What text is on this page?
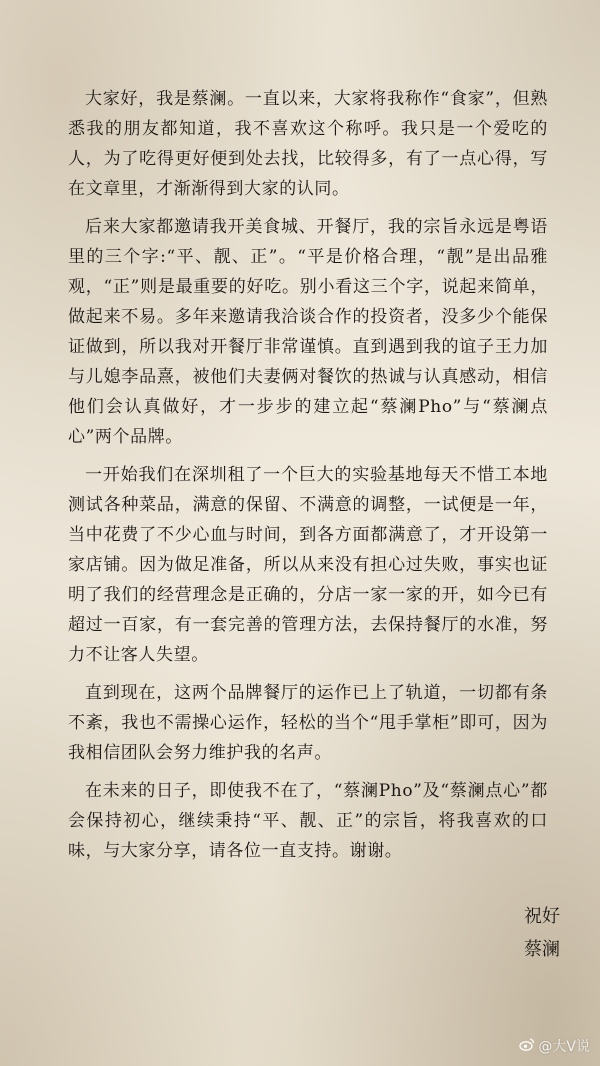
大家好，我是蔡澜。一直以来，大家将我称作“食家”，但熟悉我的朋友都知道，我不喜欢这个称呼。我只是一个爱吃的人，为了吃得更好便到处去找，比较得多，有了一点心得，写在文章里，才渐渐得到大家的认同。

后来大家都邀请我开美食城、开餐厅，我的宗旨永远是粤语里的三个字:“平、靓、正”。“平是价格合理，“靓”是出品雅观，“正”则是最重要的好吃。别小看这三个字，说起来简单，做起来不易。多年来邀请我洽谈合作的投资者，没多少个能保证做到，所以我对开餐厅非常谨慎。直到遇到我的谊子王力加与儿媳李品熹，被他们夫妻俩对餐饮的热诚与认真感动，相信他们会认真做好，才一步步的建立起“蔡澜Pho”与“蔡澜点心”两个品牌。

一开始我们在深圳租了一个巨大的实验基地每天不惜工本地测试各种菜品，满意的保留、不满意的调整，一试便是一年，当中花费了不少心血与时间，到各方面都满意了，才开设第一家店铺。因为做足准备，所以从来没有担心过失败，事实也证明了我们的经营理念是正确的，分店一家一家的开，如今已有超过一百家，有一套完善的管理方法，去保持餐厅的水准，努力不让客人失望。

直到现在，这两个品牌餐厅的运作已上了轨道，一切都有条不紊，我也不需操心运作，轻松的当个“甩手掌柜”即可，因为我相信团队会努力维护我的名声。

在未来的日子，即使我不在了，“蔡澜Pho”及“蔡澜点心”都会保持初心，继续秉持“平、靓、正”的宗旨，将我喜欢的口味，与大家分享，请各位一直支持。谢谢。

祝好
蔡澜
@大V说
